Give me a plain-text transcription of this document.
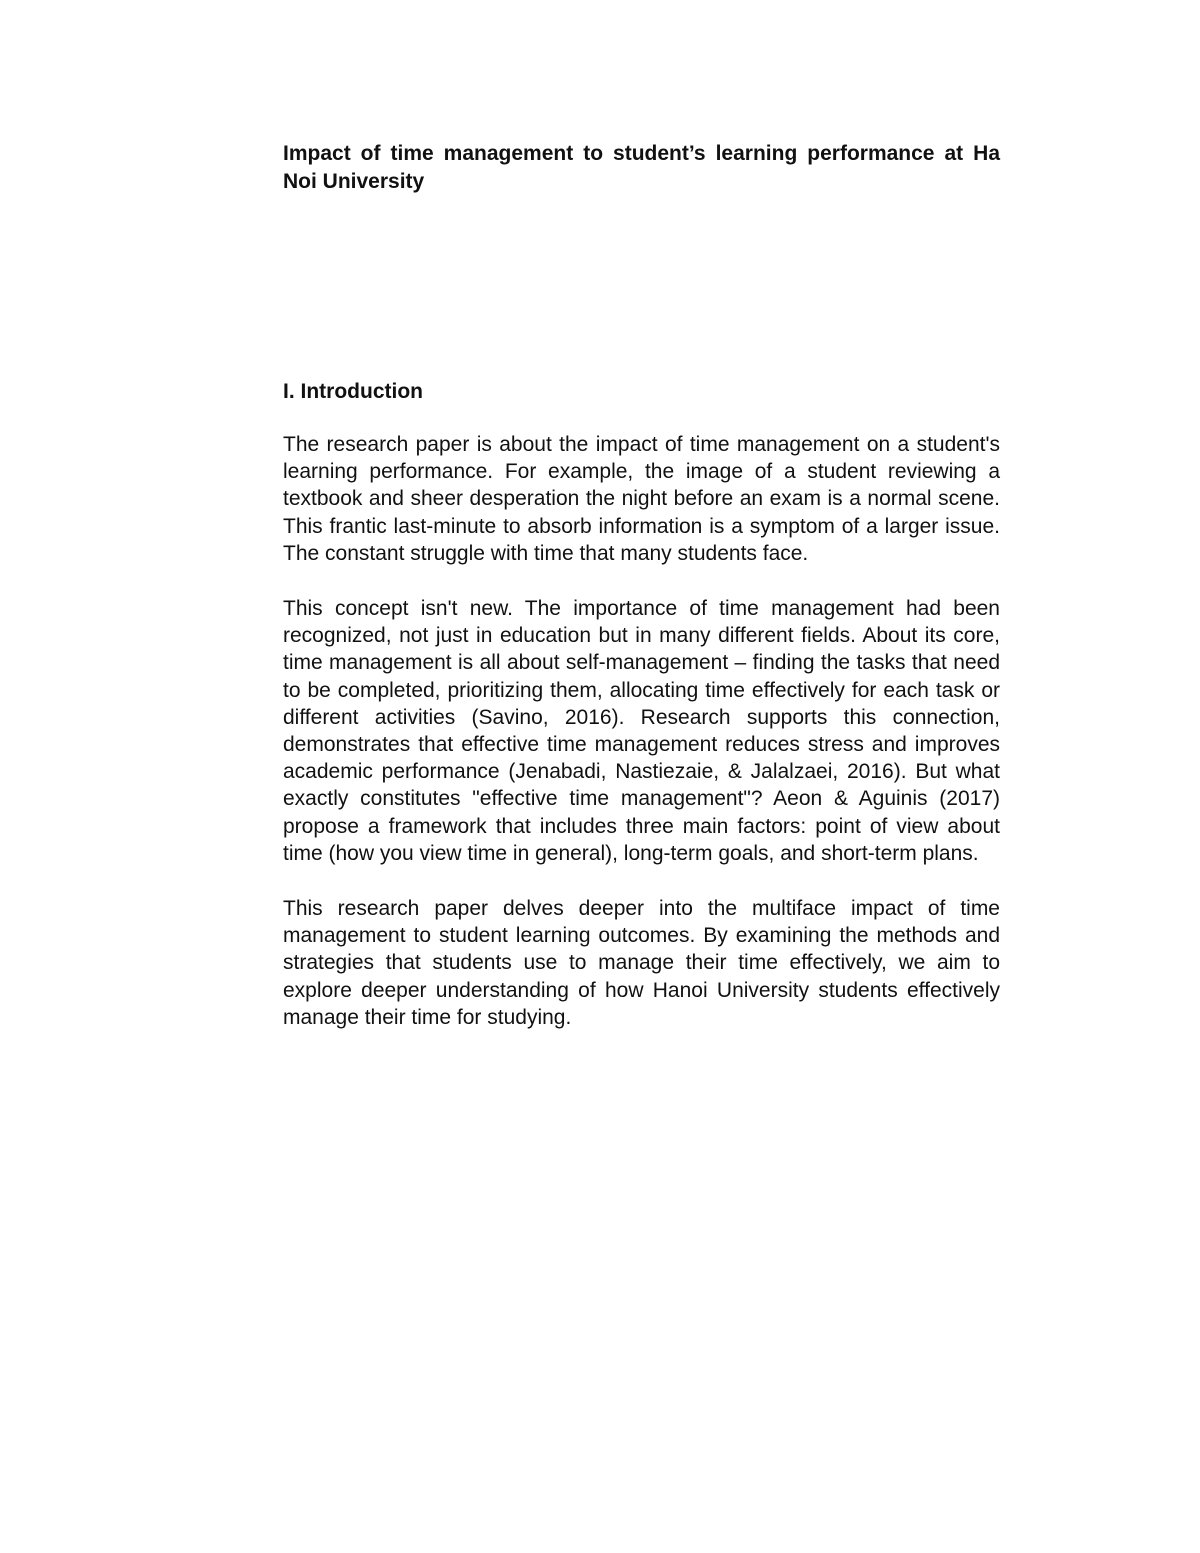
Impact of time management to student’s learning performance at Ha Noi University
I. Introduction

The research paper is about the impact of time management on a student's learning performance. For example, the image of a student reviewing a textbook and sheer desperation the night before an exam is a normal scene. This frantic last-minute to absorb information is a symptom of a larger issue. The constant struggle with time that many students face.

This concept isn't new. The importance of time management had been recognized, not just in education but in many different fields. About its core, time management is all about self-management – finding the tasks that need to be completed, prioritizing them, allocating time effectively for each task or different activities (Savino, 2016). Research supports this connection, demonstrates that effective time management reduces stress and improves academic performance (Jenabadi, Nastiezaie, & Jalalzaei, 2016). But what exactly constitutes "effective time management"? Aeon & Aguinis (2017) propose a framework that includes three main factors: point of view about time (how you view time in general), long-term goals, and short-term plans.

This research paper delves deeper into the multiface impact of time management to student learning outcomes. By examining the methods and strategies that students use to manage their time effectively, we aim to explore deeper understanding of how Hanoi University students effectively manage their time for studying.
